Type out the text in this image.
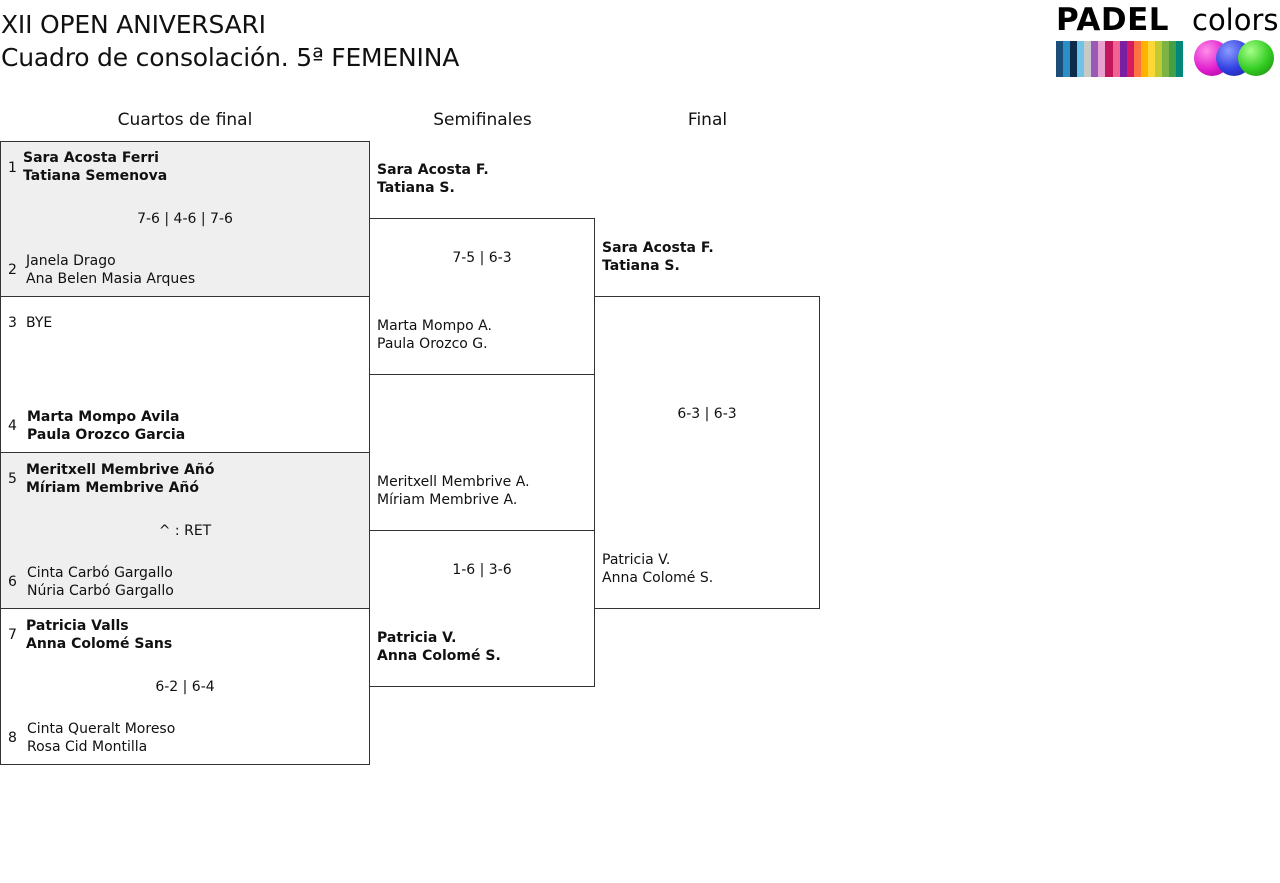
XII OPEN ANIVERSARI
Cuadro de consolación. 5ª FEMENINA
PADEL colors
Cuartos de final	Semifinales	Final
1
Sara Acosta Ferri
Tatiana Semenova
7-6 | 4-6 | 7-6
2
Janela Drago
Ana Belen Masia Arques
3 BYE
4
Marta Mompo Avila
Paula Orozco Garcia
5
Meritxell Membrive Añó
Míriam Membrive Añó
^ : RET
6
Cinta Carbó Gargallo
Núria Carbó Gargallo
7
Patricia Valls
Anna Colomé Sans
6-2 | 6-4
8
Cinta Queralt Moreso
Rosa Cid Montilla
7-5 | 6-3
1-6 | 3-6
6-3 | 6-3
Sara Acosta F.
Tatiana S.
Marta Mompo A.
Paula Orozco G.
Meritxell Membrive A.
Míriam Membrive A.
Patricia V.
Anna Colomé S.
Sara Acosta F.
Tatiana S.
Patricia V.
Anna Colomé S.
